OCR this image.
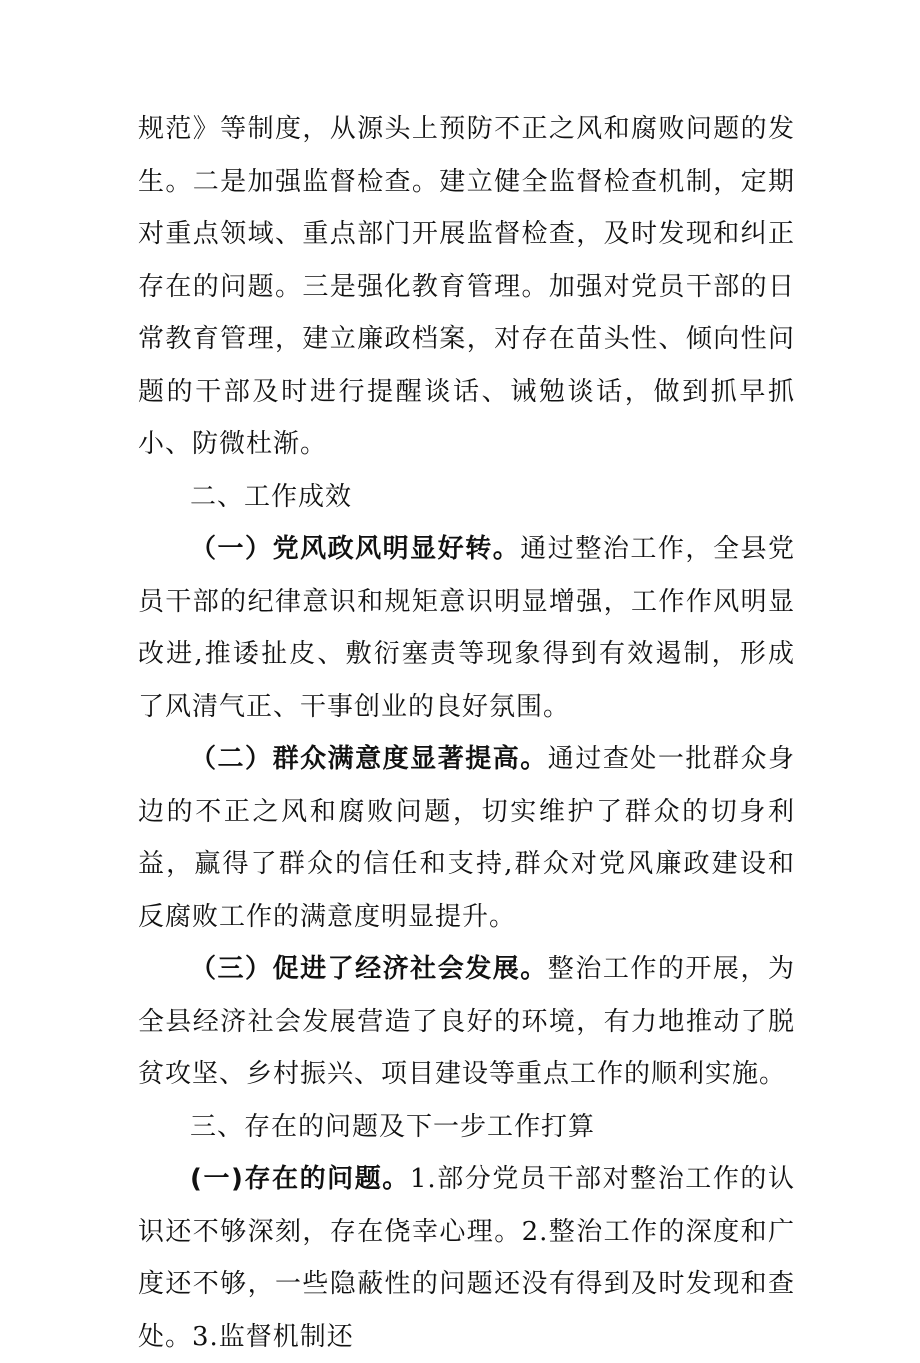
规范》等制度，从源头上预防不正之风和腐败问题的发生。二是加强监督检查。建立健全监督检查机制，定期对重点领域、重点部门开展监督检查，及时发现和纠正存在的问题。三是强化教育管理。加强对党员干部的日常教育管理，建立廉政档案，对存在苗头性、倾向性问题的干部及时进行提醒谈话、诫勉谈话，做到抓早抓小、防微杜渐。

二、工作成效

（一）党风政风明显好转。通过整治工作，全县党员干部的纪律意识和规矩意识明显增强，工作作风明显改进,推诿扯皮、敷衍塞责等现象得到有效遏制，形成了风清气正、干事创业的良好氛围。

（二）群众满意度显著提高。通过查处一批群众身边的不正之风和腐败问题，切实维护了群众的切身利益，赢得了群众的信任和支持,群众对党风廉政建设和反腐败工作的满意度明显提升。

（三）促进了经济社会发展。整治工作的开展，为全县经济社会发展营造了良好的环境，有力地推动了脱贫攻坚、乡村振兴、项目建设等重点工作的顺利实施。

三、存在的问题及下一步工作打算

(一)存在的问题。1.部分党员干部对整治工作的认识还不够深刻，存在侥幸心理。2.整治工作的深度和广度还不够，一些隐蔽性的问题还没有得到及时发现和查处。3.监督机制还
